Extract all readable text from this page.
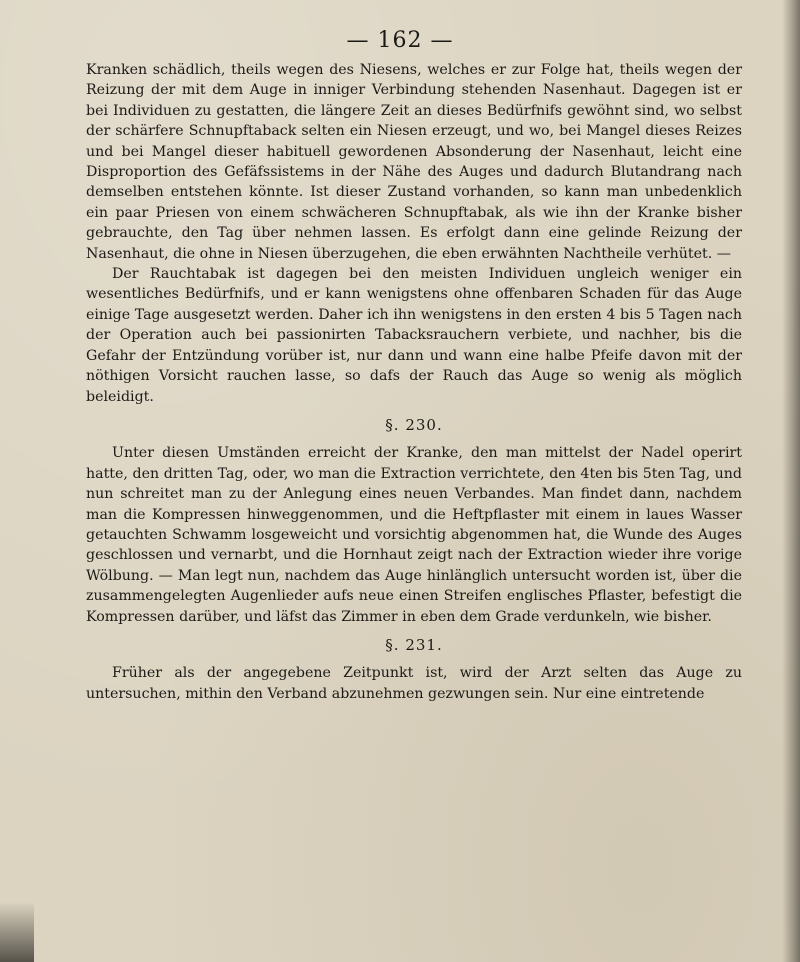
— 162 —

Kranken schädlich, theils wegen des Niesens, welches er zur Folge hat, theils wegen der Reizung der mit dem Auge in inniger Verbindung stehenden Nasenhaut. Dagegen ist er bei Individuen zu gestatten, die längere Zeit an dieses Bedürfnifs gewöhnt sind, wo selbst der schärfere Schnupftaback selten ein Niesen erzeugt, und wo, bei Mangel dieses Reizes und bei Mangel dieser habituell gewordenen Absonderung der Nasenhaut, leicht eine Disproportion des Gefäfssistems in der Nähe des Auges und dadurch Blutandrang nach demselben entstehen könnte. Ist dieser Zustand vorhanden, so kann man unbedenklich ein paar Priesen von einem schwächeren Schnupftabak, als wie ihn der Kranke bisher gebrauchte, den Tag über nehmen lassen. Es erfolgt dann eine gelinde Reizung der Nasenhaut, die ohne in Niesen überzugehen, die eben erwähnten Nachtheile verhütet. —

Der Rauchtabak ist dagegen bei den meisten Individuen ungleich weniger ein wesentliches Bedürfnifs, und er kann wenigstens ohne offenbaren Schaden für das Auge einige Tage ausgesetzt werden. Daher ich ihn wenigstens in den ersten 4 bis 5 Tagen nach der Operation auch bei passionirten Tabacksrauchern verbiete, und nachher, bis die Gefahr der Entzündung vorüber ist, nur dann und wann eine halbe Pfeife davon mit der nöthigen Vorsicht rauchen lasse, so dafs der Rauch das Auge so wenig als möglich beleidigt.

§. 230.

Unter diesen Umständen erreicht der Kranke, den man mittelst der Nadel operirt hatte, den dritten Tag, oder, wo man die Extraction verrichtete, den 4ten bis 5ten Tag, und nun schreitet man zu der Anlegung eines neuen Verbandes. Man findet dann, nachdem man die Kompressen hinweggenommen, und die Heftpflaster mit einem in laues Wasser getauchten Schwamm losgeweicht und vorsichtig abgenommen hat, die Wunde des Auges geschlossen und vernarbt, und die Hornhaut zeigt nach der Extraction wieder ihre vorige Wölbung. — Man legt nun, nachdem das Auge hinlänglich untersucht worden ist, über die zusammengelegten Augenlieder aufs neue einen Streifen englisches Pflaster, befestigt die Kompressen darüber, und läfst das Zimmer in eben dem Grade verdunkeln, wie bisher.

§. 231.

Früher als der angegebene Zeitpunkt ist, wird der Arzt selten das Auge zu untersuchen, mithin den Verband abzunehmen gezwungen sein. Nur eine eintretende
